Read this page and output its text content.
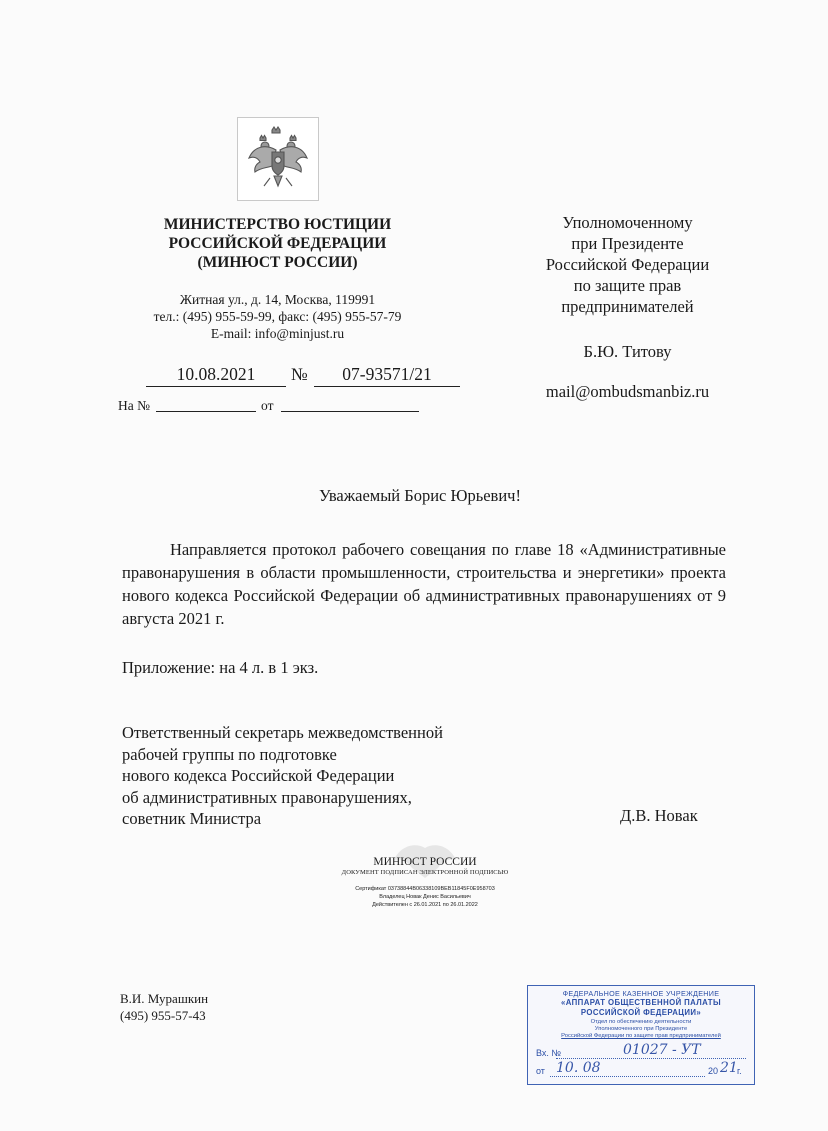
МИНИСТЕРСТВО ЮСТИЦИИ
РОССИЙСКОЙ ФЕДЕРАЦИИ
(МИНЮСТ РОССИИ)
Житная ул., д. 14, Москва, 119991
тел.: (495) 955-59-99, факс: (495) 955-57-79
E-mail: info@minjust.ru
10.08.2021	№	07-93571/21
На №	от
Уполномоченному
при Президенте
Российской Федерации
по защите прав
предпринимателей
Б.Ю. Титову
mail@ombudsmanbiz.ru
Уважаемый Борис Юрьевич!
Направляется протокол рабочего совещания по главе 18 «Административные правонарушения в области промышленности, строительства и энергетики» проекта нового кодекса Российской Федерации об административных правонарушениях от 9 августа 2021 г.
Приложение: на 4 л. в 1 экз.
Ответственный секретарь межведомственной
рабочей группы по подготовке
нового кодекса Российской Федерации
об административных правонарушениях,
советник Министра	Д.В. Новак
МИНЮСТ РОССИИ
ДОКУМЕНТ ПОДПИСАН ЭЛЕКТРОННОЙ ПОДПИСЬЮ
Сертификат 03738844B06338109BEB11845F0E958703
Владелец Новак Денис Васильевич
Действителен с 26.01.2021 по 26.01.2022
В.И. Мурашкин
(495) 955-57-43
ФЕДЕРАЛЬНОЕ КАЗЕННОЕ УЧРЕЖДЕНИЕ
«АППАРАТ ОБЩЕСТВЕННОЙ ПАЛАТЫ
РОССИЙСКОЙ ФЕДЕРАЦИИ»
Отдел по обеспечению деятельности
Уполномоченного при Президенте
Российской Федерации по защите прав предпринимателей
Вх. №	01027 - УТ
от 10. 08	20 21 г.
